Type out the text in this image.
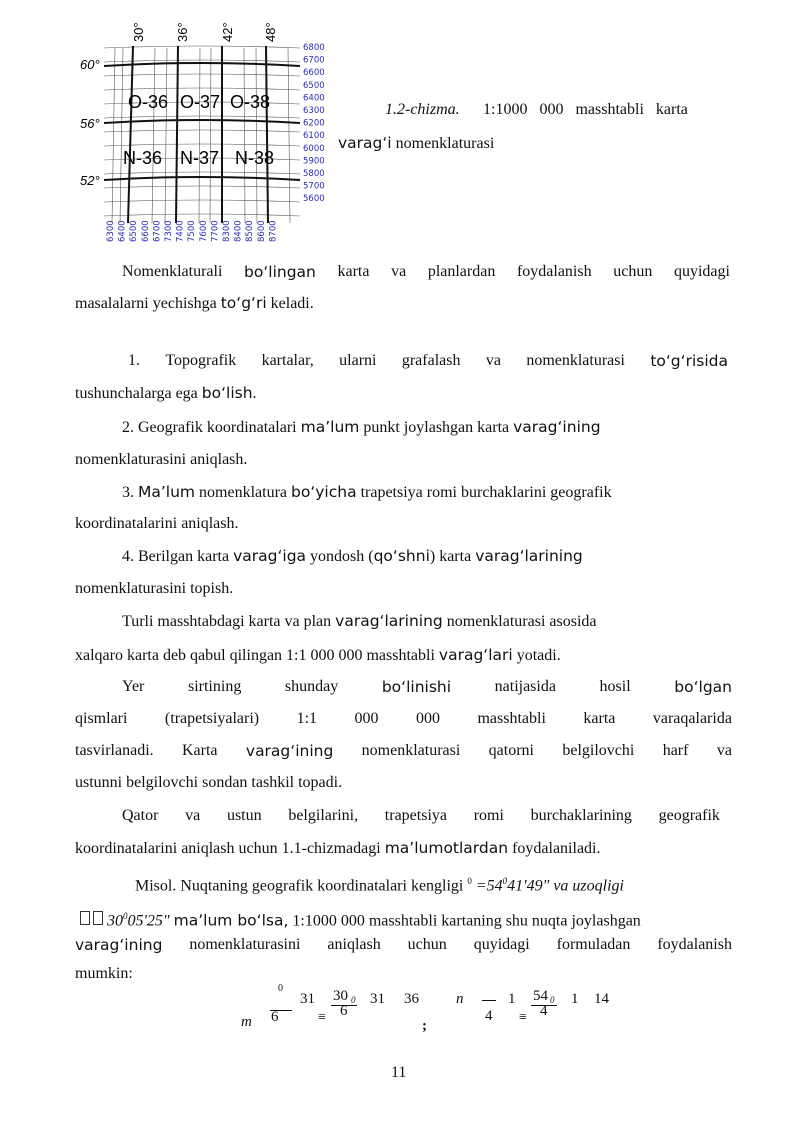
30° 36° 42° 48°
60°
56°
52°
O-36 O-37 O-38
N-36 N-37 N-38
6800
6700
6600
6500
6400
6300
6200
6100
6000
5900
5800
5700
5600
6300 6400 6500 6600 6700 7300 7400 7500 7600 7700 8300 8400 8500 8600 8700
1.2-chizma. 1:1000 000 masshtabli karta
varag‘i nomenklaturasi
Nomenklaturali bo‘lingan karta va planlardan foydalanish uchun quyidagi
masalalarni yechishga to‘g‘ri keladi.
1. Topografik kartalar, ularni grafalash va nomenklaturasi to‘g‘risida
tushunchalarga ega bo‘lish.
2. Geografik koordinatalari ma’lum punkt joylashgan karta varag‘ining
nomenklaturasini aniqlash.
3. Ma’lum nomenklatura bo‘yicha trapetsiya romi burchaklarini geografik
koordinatalarini aniqlash.
4. Berilgan karta varag‘iga yondosh (qo‘shni) karta varag‘larining
nomenklaturasini topish.
Turli masshtabdagi karta va plan varag‘larining nomenklaturasi asosida
xalqaro karta deb qabul qilingan 1:1 000 000 masshtabli varag‘lari yotadi.
Yer	sirtining	shunday	bo‘linishi	natijasida	hosil	bo‘lgan
qismlari (trapetsiyalari) 1:1 000 000 masshtabli karta varaqalarida
tasvirlanadi. Karta varag‘ining nomenklaturasi qatorni belgilovchi harf va
ustunni belgilovchi sondan tashkil topadi.
Qator va ustun belgilarini, trapetsiya romi burchaklarining geografik
koordinatalarini aniqlash uchun 1.1-chizmadagi ma’lumotlardan foydalaniladi.
Misol. Nuqtaning geografik koordinatalari kengligi $^0 =54^041'49$" va uzoqligi
$30^005'25$" ma’lum bo‘lsa, 1:1000 000 masshtabli kartaning shu nuqta joylashgan
varag‘ining nomenklaturasini aniqlash uchun quyidagi formuladan foydalanish
mumkin:
0
31 30 0
6
31 36
m 6	≡
;
n
4
1 54 0
4
1 14
≡
11
